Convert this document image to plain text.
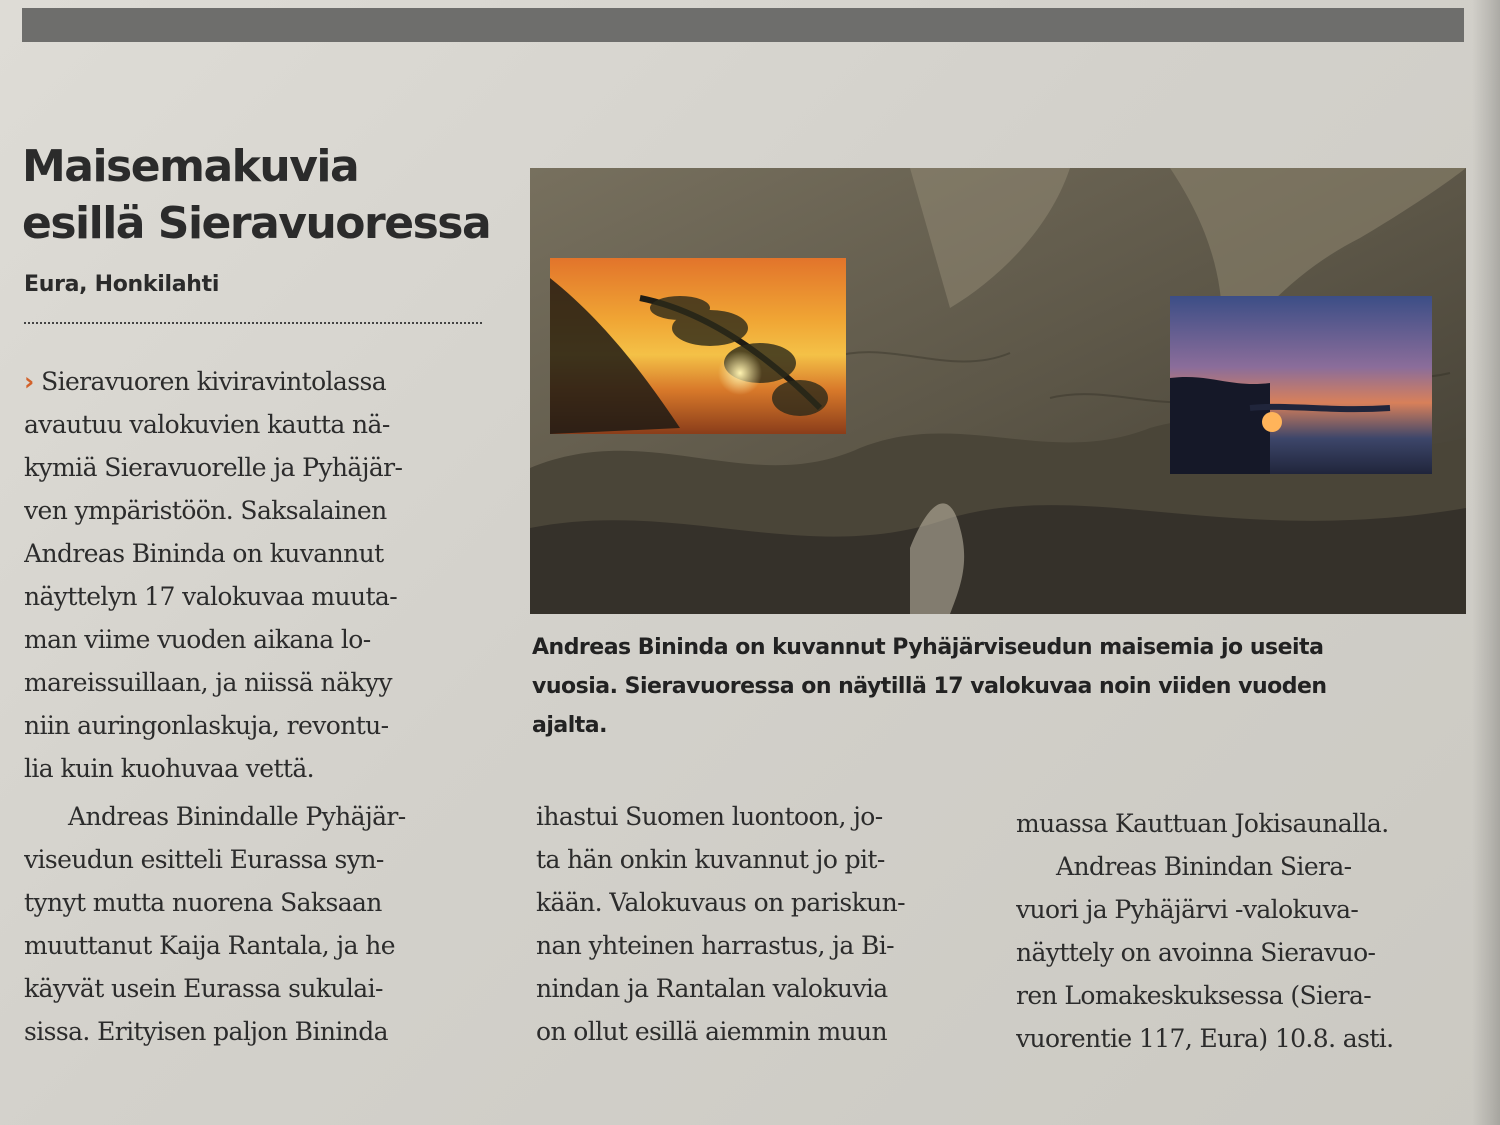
Maisemakuvia
esillä Sieravuoressa
Eura, Honkilahti

› Sieravuoren kiviravintolassa
avautuu valokuvien kautta nä-
kymiä Sieravuorelle ja Pyhäjär-
ven ympäristöön. Saksalainen
Andreas Bininda on kuvannut
näyttelyn 17 valokuvaa muuta-
man viime vuoden aikana lo-
mareissuillaan, ja niissä näkyy
niin auringonlaskuja, revontu-
lia kuin kuohuvaa vettä.

Andreas Binindalle Pyhäjär-
viseudun esitteli Eurassa syn-
tynyt mutta nuorena Saksaan
muuttanut Kaija Rantala, ja he
käyvät usein Eurassa sukulai-
sissa. Erityisen paljon Bininda

ihastui Suomen luontoon, jo-
ta hän onkin kuvannut jo pit-
kään. Valokuvaus on pariskun-
nan yhteinen harrastus, ja Bi-
nindan ja Rantalan valokuvia
on ollut esillä aiemmin muun

muassa Kauttuan Jokisaunalla.
Andreas Binindan Siera-
vuori ja Pyhäjärvi -valokuva-
näyttely on avoinna Sieravuo-
ren Lomakeskuksessa (Siera-
vuorentie 117, Eura) 10.8. asti.

Andreas Bininda on kuvannut Pyhäjärviseudun maisemia jo useita
vuosia. Sieravuoressa on näytillä 17 valokuvaa noin viiden vuoden
ajalta.
